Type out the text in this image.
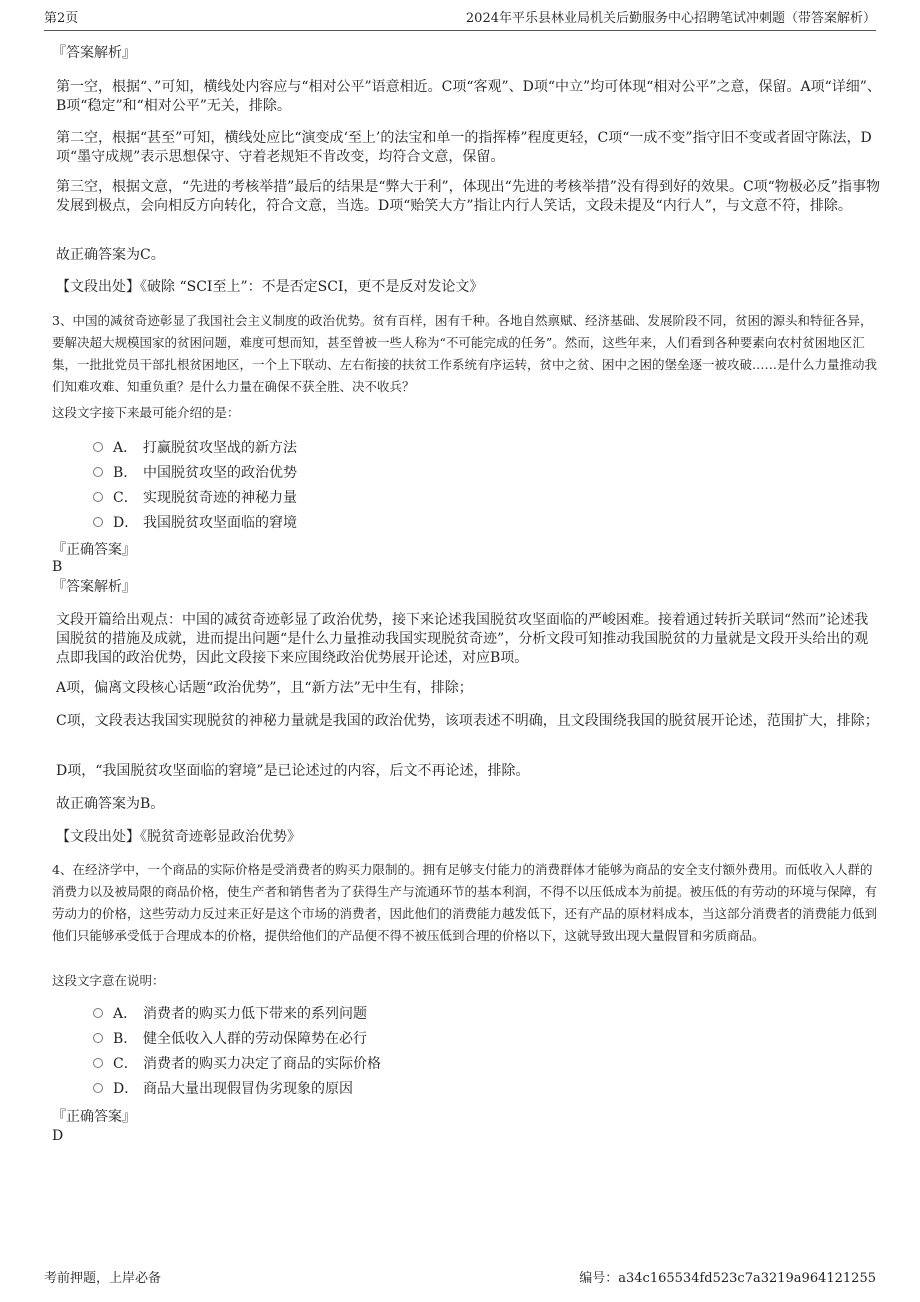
第2页	2024年平乐县林业局机关后勤服务中心招聘笔试冲刺题（带答案解析）

『答案解析』

第一空，根据“、”可知，横线处内容应与“相对公平”语意相近。C项“客观”、D项“中立”均可体现“相对公平”之意，保留。A项“详细”、B项“稳定”和“相对公平”无关，排除。

第二空，根据“甚至”可知，横线处应比“演变成‘至上’的法宝和单一的指挥棒”程度更轻，C项“一成不变”指守旧不变或者固守陈法，D项“墨守成规”表示思想保守、守着老规矩不肯改变，均符合文意，保留。

第三空，根据文意，“先进的考核举措”最后的结果是“弊大于利”，体现出“先进的考核举措”没有得到好的效果。C项“物极必反”指事物发展到极点，会向相反方向转化，符合文意，当选。D项“贻笑大方”指让内行人笑话，文段未提及“内行人”，与文意不符，排除。

故正确答案为C。

【文段出处】《破除 “SCI至上”：不是否定SCI，更不是反对发论文》

3、中国的减贫奇迹彰显了我国社会主义制度的政治优势。贫有百样，困有千种。各地自然禀赋、经济基础、发展阶段不同，贫困的源头和特征各异，要解决超大规模国家的贫困问题，难度可想而知，甚至曾被一些人称为“不可能完成的任务”。然而，这些年来，人们看到各种要素向农村贫困地区汇集，一批批党员干部扎根贫困地区，一个上下联动、左右衔接的扶贫工作系统有序运转，贫中之贫、困中之困的堡垒逐一被攻破……是什么力量推动我们知难攻难、知重负重？是什么力量在确保不获全胜、决不收兵？

这段文字接下来最可能介绍的是：

A． 打赢脱贫攻坚战的新方法
B． 中国脱贫攻坚的政治优势
C． 实现脱贫奇迹的神秘力量
D． 我国脱贫攻坚面临的窘境

『正确答案』

B

『答案解析』

文段开篇给出观点：中国的减贫奇迹彰显了政治优势，接下来论述我国脱贫攻坚面临的严峻困难。接着通过转折关联词“然而”论述我国脱贫的措施及成就，进而提出问题“是什么力量推动我国实现脱贫奇迹”，分析文段可知推动我国脱贫的力量就是文段开头给出的观点即我国的政治优势，因此文段接下来应围绕政治优势展开论述，对应B项。

A项，偏离文段核心话题“政治优势”，且“新方法”无中生有，排除；

C项，文段表达我国实现脱贫的神秘力量就是我国的政治优势，该项表述不明确，且文段围绕我国的脱贫展开论述，范围扩大，排除；

D项，“我国脱贫攻坚面临的窘境”是已论述过的内容，后文不再论述，排除。

故正确答案为B。

【文段出处】《脱贫奇迹彰显政治优势》

4、在经济学中，一个商品的实际价格是受消费者的购买力限制的。拥有足够支付能力的消费群体才能够为商品的安全支付额外费用。而低收入人群的消费力以及被局限的商品价格，使生产者和销售者为了获得生产与流通环节的基本利润，不得不以压低成本为前提。被压低的有劳动的环境与保障，有劳动力的价格，这些劳动力反过来正好是这个市场的消费者，因此他们的消费能力越发低下，还有产品的原材料成本，当这部分消费者的消费能力低到他们只能够承受低于合理成本的价格，提供给他们的产品便不得不被压低到合理的价格以下，这就导致出现大量假冒和劣质商品。

这段文字意在说明：

A． 消费者的购买力低下带来的系列问题
B． 健全低收入人群的劳动保障势在必行
C． 消费者的购买力决定了商品的实际价格
D． 商品大量出现假冒伪劣现象的原因

『正确答案』

D

考前押题，上岸必备	编号：a34c165534fd523c7a3219a964121255
